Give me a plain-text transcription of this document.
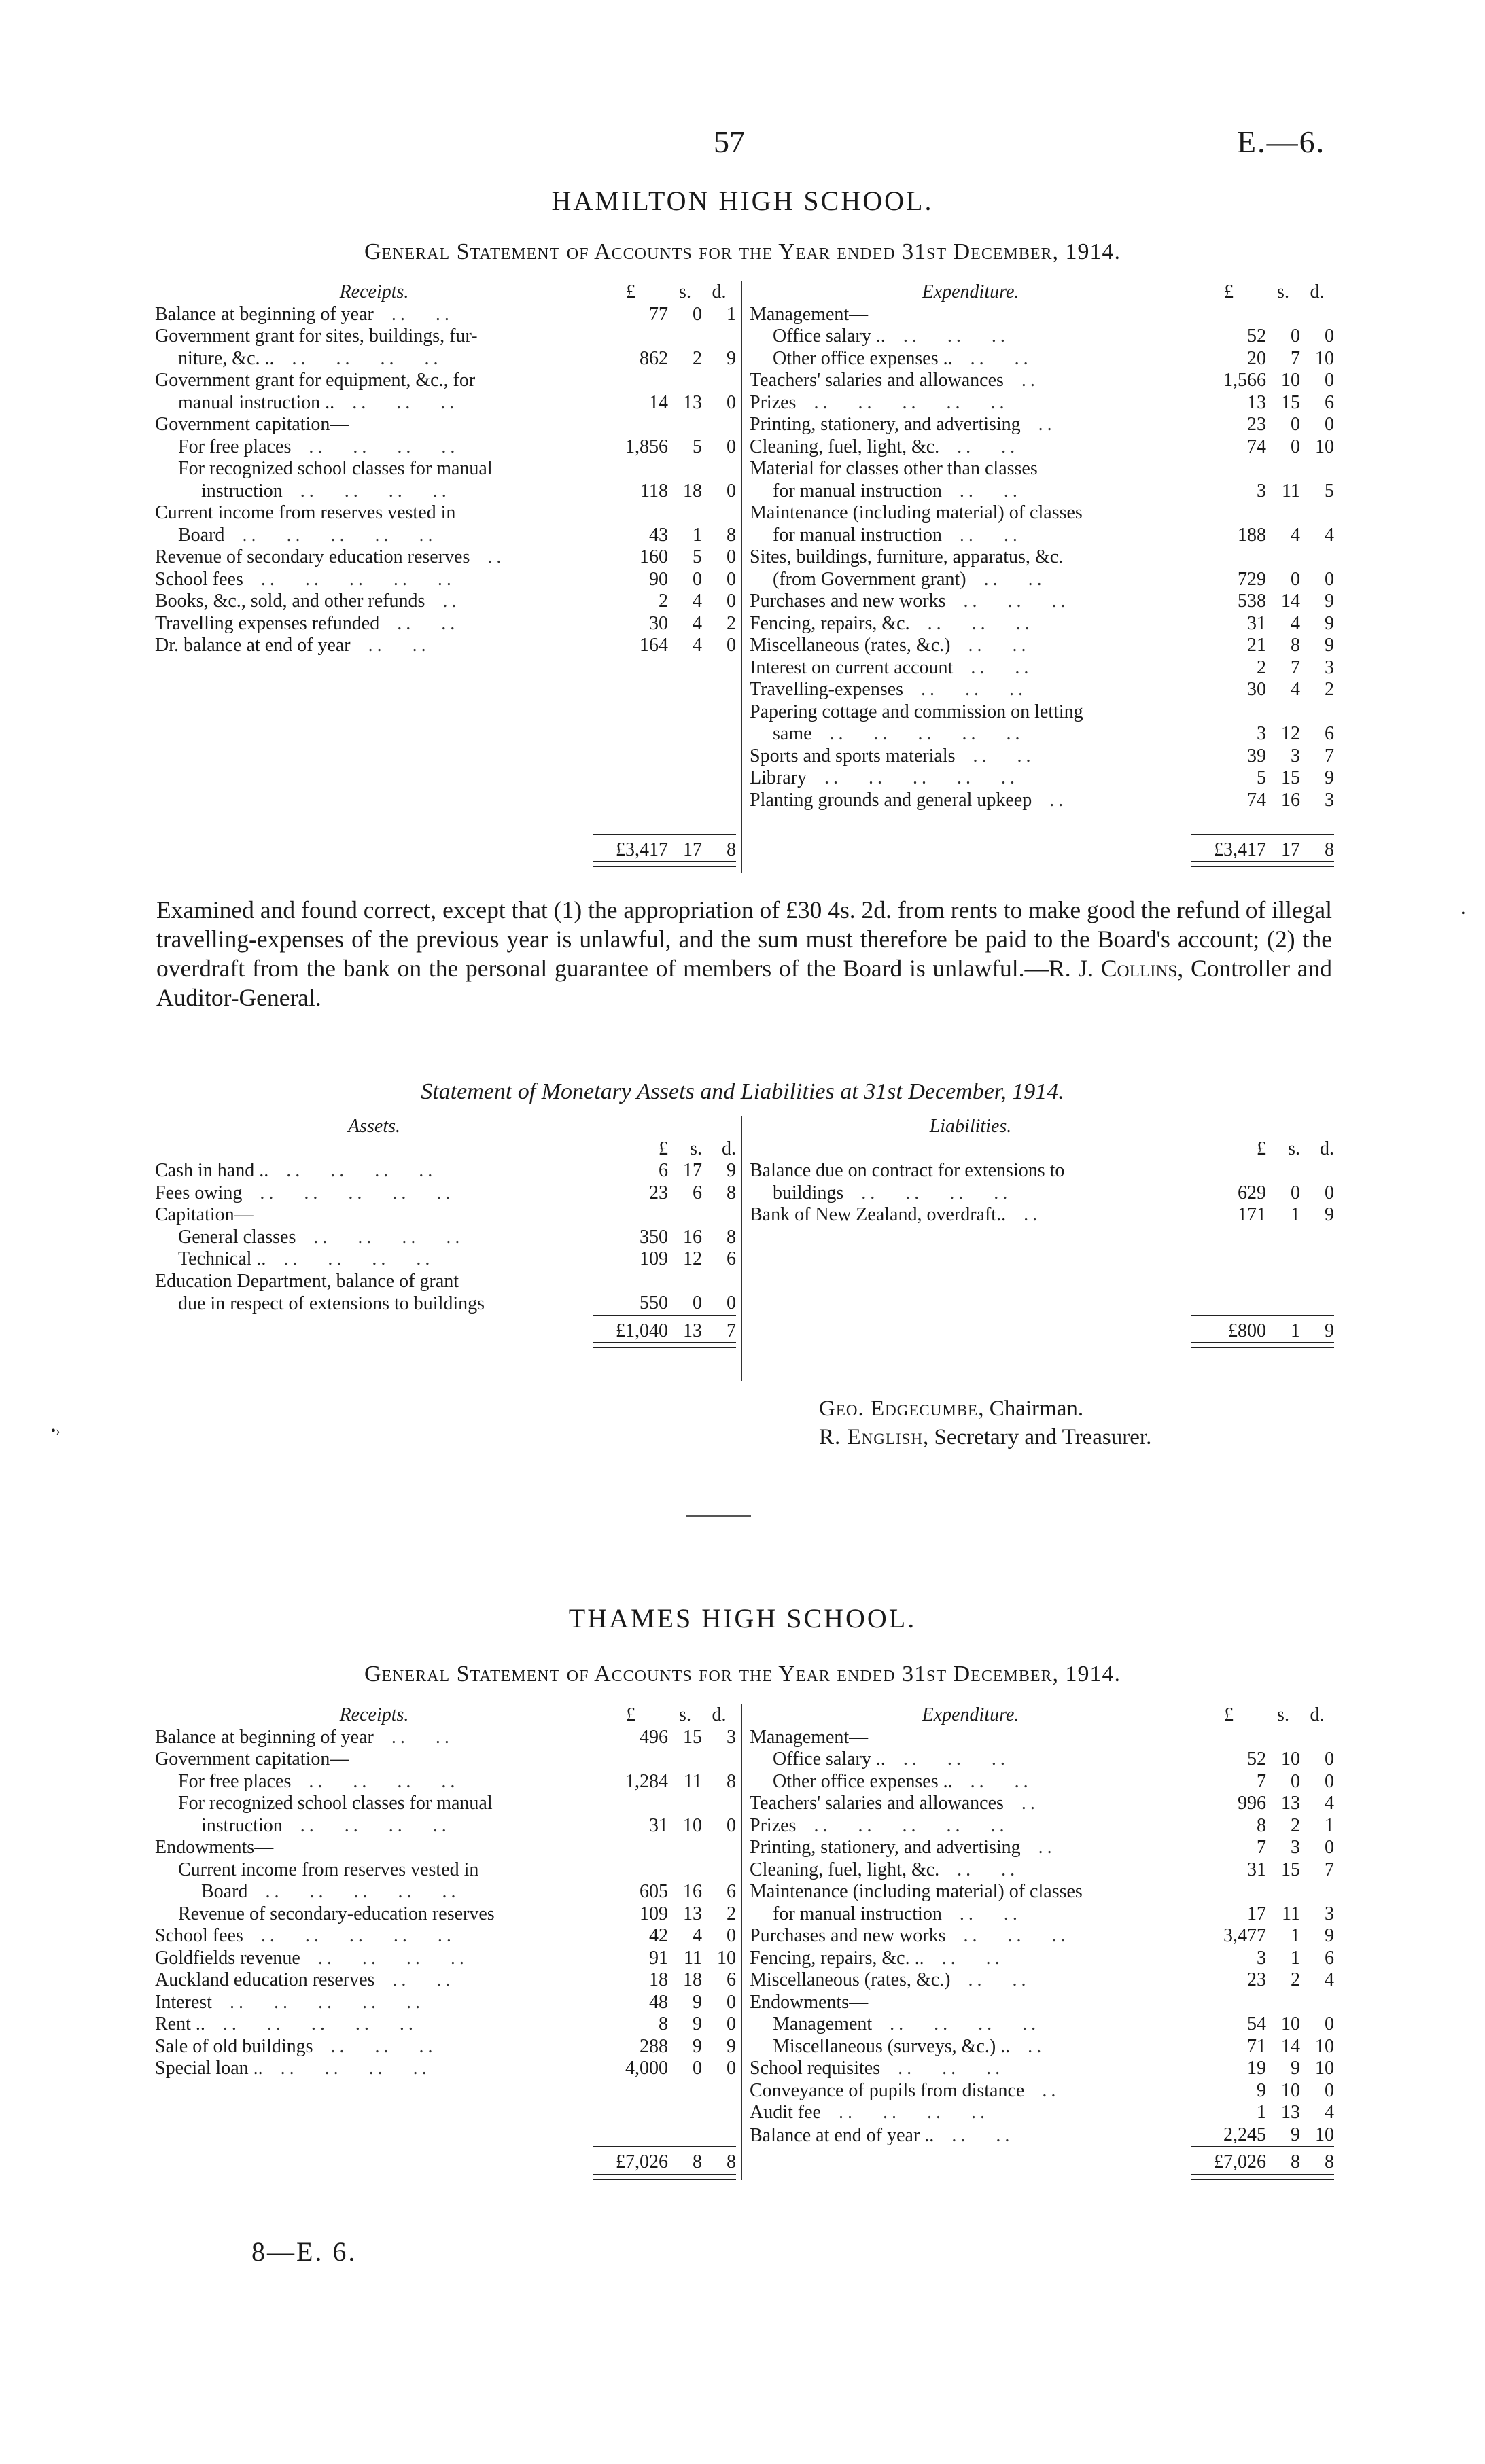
57	E.—6.
HAMILTON HIGH SCHOOL.
General Statement of Accounts for the Year ended 31st December, 1914.
Receipts.	£	s.	d.
Balance at beginning of year  ..   ..	77	0	1
Government grant for sites, buildings, fur-			
niture, &c. ..  ..   ..   ..   ..	862	2	9
Government grant for equipment, &c., for			
manual instruction ..  ..   ..   ..	14	13	0
Government capitation—			
For free places  ..   ..   ..   ..	1,856	5	0
For recognized school classes for manual			
instruction  ..   ..   ..   ..	118	18	0
Current income from reserves vested in			
Board  ..   ..   ..   ..   ..	43	1	8
Revenue of secondary education reserves  ..	160	5	0
School fees  ..   ..   ..   ..   ..	90	0	0
Books, &c., sold, and other refunds  ..	2	4	0
Travelling expenses refunded  ..   ..	30	4	2
Dr. balance at end of year  ..   ..	164	4	0

	£3,417	17	8

Expenditure.	£	s.	d.
Management—			
Office salary ..  ..   ..   ..	52	0	0
Other office expenses ..  ..   ..	20	7	10
Teachers' salaries and allowances  ..	1,566	10	0
Prizes  ..   ..   ..   ..   ..	13	15	6
Printing, stationery, and advertising  ..	23	0	0
Cleaning, fuel, light, &c.  ..   ..	74	0	10
Material for classes other than classes			
for manual instruction  ..   ..	3	11	5
Maintenance (including material) of classes			
for manual instruction  ..   ..	188	4	4
Sites, buildings, furniture, apparatus, &c.			
(from Government grant)  ..   ..	729	0	0
Purchases and new works  ..   ..   ..	538	14	9
Fencing, repairs, &c.  ..   ..   ..	31	4	9
Miscellaneous (rates, &c.)  ..   ..	21	8	9
Interest on current account  ..   ..	2	7	3
Travelling-expenses  ..   ..   ..	30	4	2
Papering cottage and commission on letting			
same  ..   ..   ..   ..   ..	3	12	6
Sports and sports materials  ..   ..	39	3	7
Library  ..   ..   ..   ..   ..	5	15	9
Planting grounds and general upkeep  ..	74	16	3

	£3,417	17	8

Examined and found correct, except that (1) the appropriation of £30 4s. 2d. from rents to make good the refund of illegal travelling-expenses of the previous year is unlawful, and the sum must therefore be paid to the Board's account; (2) the overdraft from the bank on the personal guarantee of members of the Board is unlawful.—R. J. Collins, Controller and Auditor-General.
Statement of Monetary Assets and Liabilities at 31st December, 1914.
Assets.			
	£	s.	d.
Cash in hand ..  ..   ..   ..   ..	6	17	9
Fees owing  ..   ..   ..   ..   ..	23	6	8
Capitation—			
General classes  ..   ..   ..   ..	350	16	8
Technical ..  ..   ..   ..   ..	109	12	6
Education Department, balance of grant			
due in respect of extensions to buildings	550	0	0
	£1,040	13	7

Liabilities.			
	£	s.	d.
Balance due on contract for extensions to			
buildings  ..   ..   ..   ..	629	0	0
Bank of New Zealand, overdraft..  ..	171	1	9

	£800	1	9

Geo. Edgecumbe, Chairman.
R. English, Secretary and Treasurer.
•›
•
THAMES HIGH SCHOOL.
General Statement of Accounts for the Year ended 31st December, 1914.
Receipts.	£	s.	d.
Balance at beginning of year  ..   ..	496	15	3
Government capitation—			
For free places  ..   ..   ..   ..	1,284	11	8
For recognized school classes for manual			
instruction  ..   ..   ..   ..	31	10	0
Endowments—			
Current income from reserves vested in			
Board  ..   ..   ..   ..   ..	605	16	6
Revenue of secondary-education reserves	109	13	2
School fees  ..   ..   ..   ..   ..	42	4	0
Goldfields revenue  ..   ..   ..   ..	91	11	10
Auckland education reserves  ..   ..	18	18	6
Interest  ..   ..   ..   ..   ..	48	9	0
Rent ..  ..   ..   ..   ..   ..	8	9	0
Sale of old buildings  ..   ..   ..	288	9	9
Special loan ..  ..   ..   ..   ..	4,000	0	0

	£7,026	8	8

Expenditure.	£	s.	d.
Management—			
Office salary ..  ..   ..   ..	52	10	0
Other office expenses ..  ..   ..	7	0	0
Teachers' salaries and allowances  ..	996	13	4
Prizes  ..   ..   ..   ..   ..	8	2	1
Printing, stationery, and advertising  ..	7	3	0
Cleaning, fuel, light, &c.  ..   ..	31	15	7
Maintenance (including material) of classes			
for manual instruction  ..   ..	17	11	3
Purchases and new works  ..   ..   ..	3,477	1	9
Fencing, repairs, &c. ..  ..   ..	3	1	6
Miscellaneous (rates, &c.)  ..   ..	23	2	4
Endowments—			
Management  ..   ..   ..   ..	54	10	0
Miscellaneous (surveys, &c.) ..  ..	71	14	10
School requisites  ..   ..   ..	19	9	10
Conveyance of pupils from distance  ..	9	10	0
Audit fee  ..   ..   ..   ..	1	13	4
Balance at end of year ..  ..   ..	2,245	9	10
	£7,026	8	8

8—E. 6.
